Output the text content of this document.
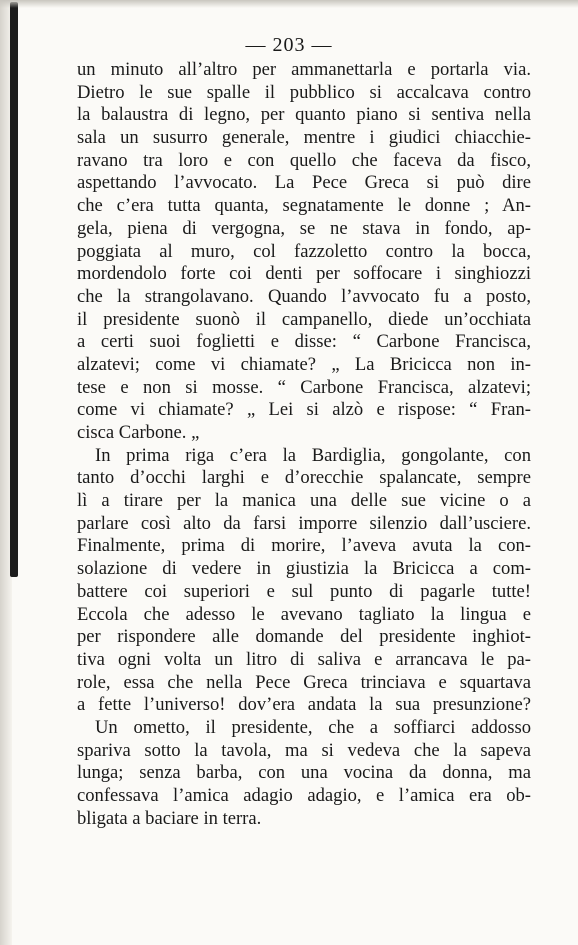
— 203 —
un minuto all’altro per ammanettarla e portarla via.
Dietro le sue spalle il pubblico si accalcava contro
la balaustra di legno, per quanto piano si sentiva nella
sala un susurro generale, mentre i giudici chiacchie-
ravano tra loro e con quello che faceva da fisco,
aspettando l’avvocato. La Pece Greca si può dire
che c’era tutta quanta, segnatamente le donne ; An-
gela, piena di vergogna, se ne stava in fondo, ap-
poggiata al muro, col fazzoletto contro la bocca,
mordendolo forte coi denti per soffocare i singhiozzi
che la strangolavano. Quando l’avvocato fu a posto,
il presidente suonò il campanello, diede un’occhiata
a certi suoi foglietti e disse: “ Carbone Francisca,
alzatevi; come vi chiamate? „ La Bricicca non in-
tese e non si mosse. “ Carbone Francisca, alzatevi;
come vi chiamate? „ Lei si alzò e rispose: “ Fran-
cisca Carbone. „
In prima riga c’era la Bardiglia, gongolante, con
tanto d’occhi larghi e d’orecchie spalancate, sempre
lì a tirare per la manica una delle sue vicine o a
parlare così alto da farsi imporre silenzio dall’usciere.
Finalmente, prima di morire, l’aveva avuta la con-
solazione di vedere in giustizia la Bricicca a com-
battere coi superiori e sul punto di pagarle tutte!
Eccola che adesso le avevano tagliato la lingua e
per rispondere alle domande del presidente inghiot-
tiva ogni volta un litro di saliva e arrancava le pa-
role, essa che nella Pece Greca trinciava e squartava
a fette l’universo! dov’era andata la sua presunzione?
Un ometto, il presidente, che a soffiarci addosso
spariva sotto la tavola, ma si vedeva che la sapeva
lunga; senza barba, con una vocina da donna, ma
confessava l’amica adagio adagio, e l’amica era ob-
bligata a baciare in terra.
